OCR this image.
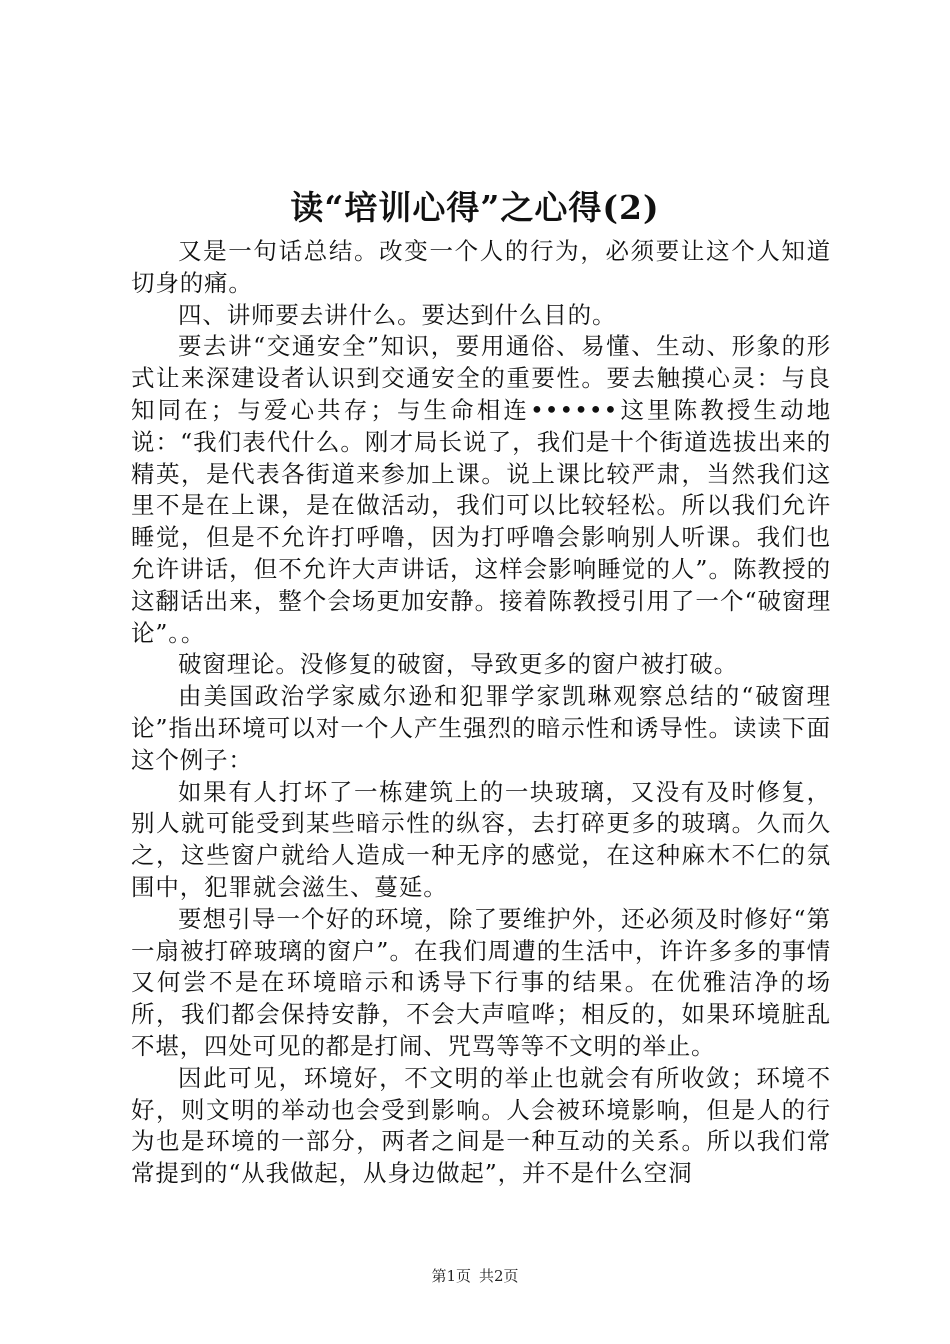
读“培训心得”之心得(2)

又是一句话总结。改变一个人的行为，必须要让这个人知道切身的痛。

四、讲师要去讲什么。要达到什么目的。

要去讲“交通安全”知识，要用通俗、易懂、生动、形象的形式让来深建设者认识到交通安全的重要性。要去触摸心灵：与良知同在；与爱心共存；与生命相连••••••这里陈教授生动地说：“我们表代什么。刚才局长说了，我们是十个街道选拔出来的精英，是代表各街道来参加上课。说上课比较严肃，当然我们这里不是在上课，是在做活动，我们可以比较轻松。所以我们允许睡觉，但是不允许打呼噜，因为打呼噜会影响别人听课。我们也允许讲话，但不允许大声讲话，这样会影响睡觉的人”。陈教授的这翻话出来，整个会场更加安静。接着陈教授引用了一个“破窗理论”。。

破窗理论。没修复的破窗，导致更多的窗户被打破。

由美国政治学家威尔逊和犯罪学家凯琳观察总结的“破窗理论”指出环境可以对一个人产生强烈的暗示性和诱导性。读读下面这个例子：

如果有人打坏了一栋建筑上的一块玻璃，又没有及时修复，别人就可能受到某些暗示性的纵容，去打碎更多的玻璃。久而久之，这些窗户就给人造成一种无序的感觉，在这种麻木不仁的氛围中，犯罪就会滋生、蔓延。

要想引导一个好的环境，除了要维护外，还必须及时修好“第一扇被打碎玻璃的窗户”。在我们周遭的生活中，许许多多的事情又何尝不是在环境暗示和诱导下行事的结果。在优雅洁净的场所，我们都会保持安静，不会大声喧哗；相反的，如果环境脏乱不堪，四处可见的都是打闹、咒骂等等不文明的举止。

因此可见，环境好，不文明的举止也就会有所收敛；环境不好，则文明的举动也会受到影响。人会被环境影响，但是人的行为也是环境的一部分，两者之间是一种互动的关系。所以我们常常提到的“从我做起，从身边做起”，并不是什么空洞

第1页 共2页
